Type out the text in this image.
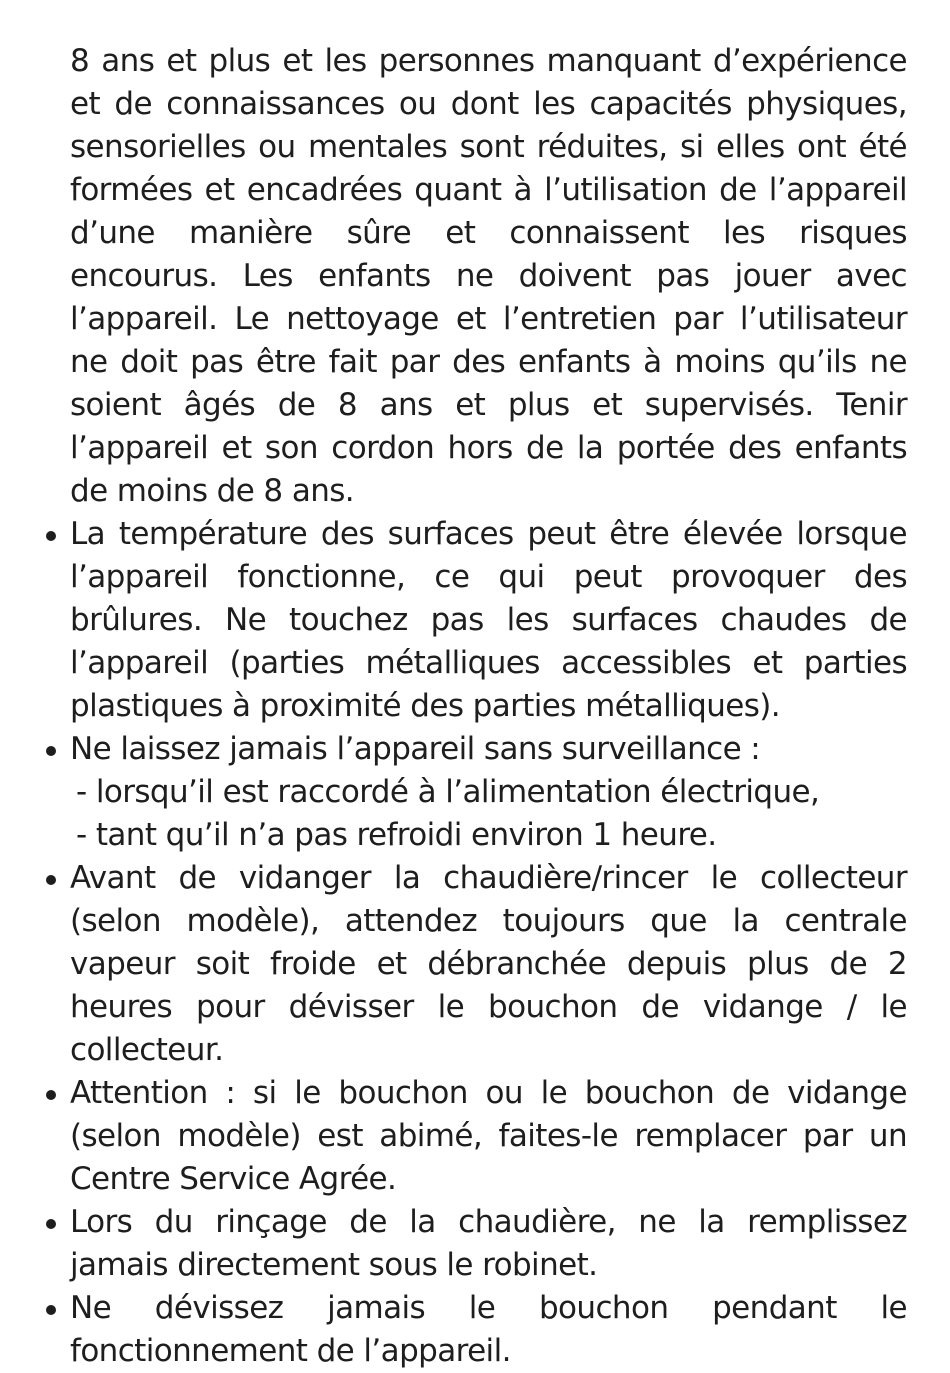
8 ans et plus et les personnes manquant d’expérience et de connaissances ou dont les capacités physiques, sensorielles ou mentales sont réduites, si elles ont été formées et encadrées quant à l’utilisation de l’appareil d’une manière sûre et connaissent les risques encourus. Les enfants ne doivent pas jouer avec l’appareil. Le nettoyage et l’entretien par l’utilisateur ne doit pas être fait par des enfants à moins qu’ils ne soient âgés de 8 ans et plus et supervisés. Tenir l’appareil et son cordon hors de la portée des enfants de moins de 8 ans.

La température des surfaces peut être élevée lorsque l’appareil fonctionne, ce qui peut provoquer des brûlures. Ne touchez pas les surfaces chaudes de l’appareil (parties métalliques accessibles et parties plastiques à proximité des parties métalliques).
Ne laissez jamais l’appareil sans surveillance :
- lorsqu’il est raccordé à l’alimentation électrique,
- tant qu’il n’a pas refroidi environ 1 heure.
Avant de vidanger la chaudière/rincer le collecteur (selon modèle), attendez toujours que la centrale vapeur soit froide et débranchée depuis plus de 2 heures pour dévisser le bouchon de vidange / le collecteur.
Attention : si le bouchon ou le bouchon de vidange (selon modèle) est abimé, faites-le remplacer par un Centre Service Agrée.
Lors du rinçage de la chaudière, ne la remplissez jamais directement sous le robinet.
Ne dévissez jamais le bouchon pendant le fonctionnement de l’appareil.
